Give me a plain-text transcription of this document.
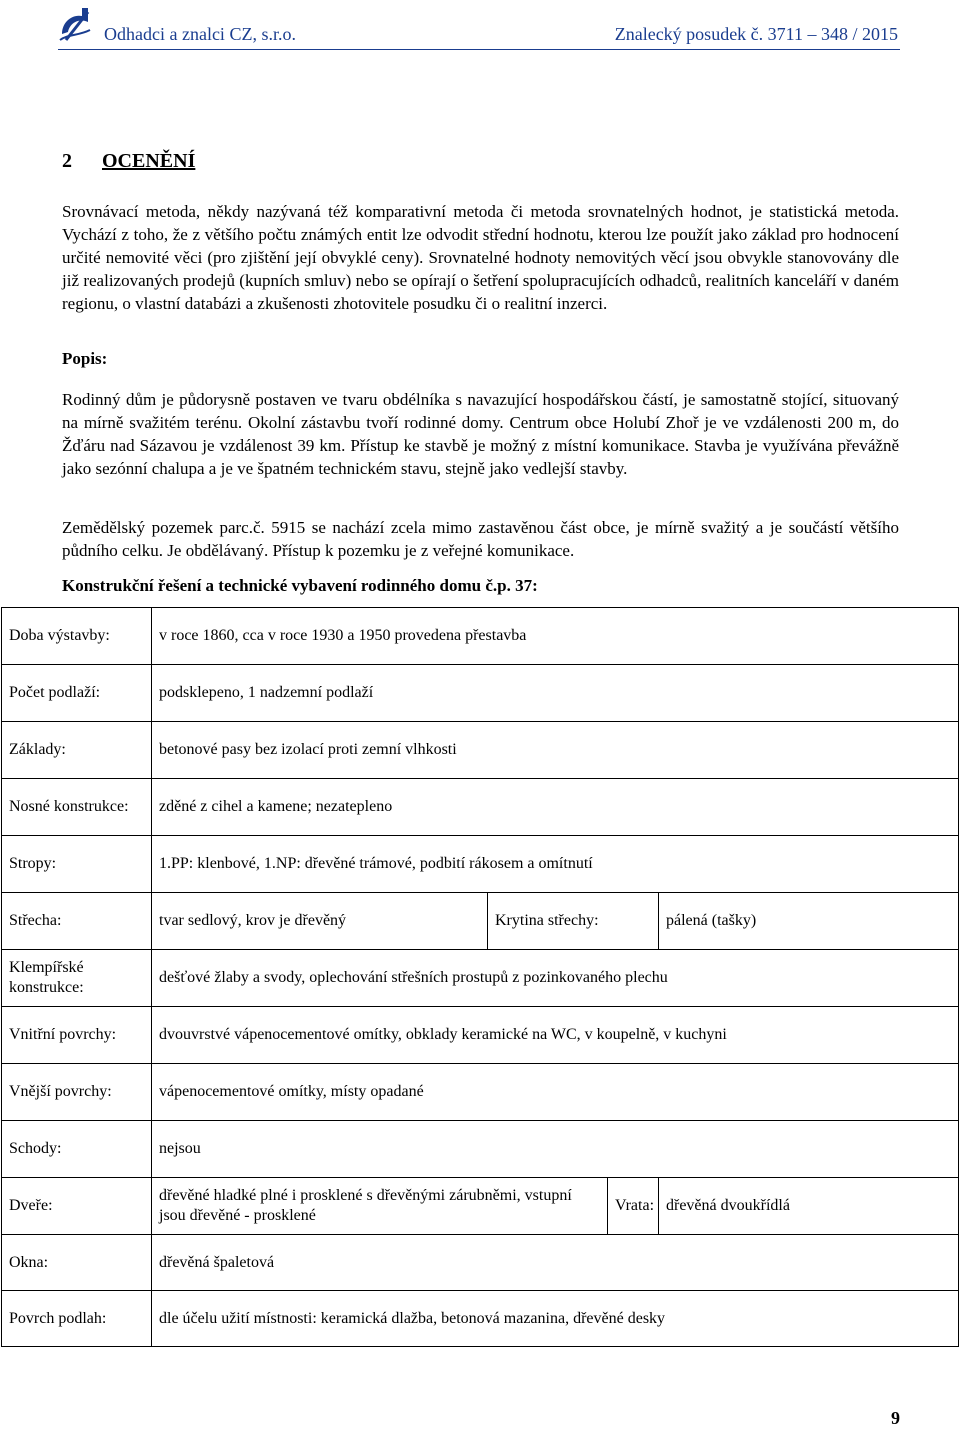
Odhadci a znalci CZ, s.r.o.	Znalecký posudek č. 3711 – 348 / 2015
2 OCENĚNÍ
Srovnávací metoda, někdy nazývaná též komparativní metoda či metoda srovnatelných hodnot, je statistická metoda. Vychází z toho, že z většího počtu známých entit lze odvodit střední hodnotu, kterou lze použít jako základ pro hodnocení určité nemovité věci (pro zjištění její obvyklé ceny). Srovnatelné hodnoty nemovitých věcí jsou obvykle stanovovány dle již realizovaných prodejů (kupních smluv) nebo se opírají o šetření spolupracujících odhadců, realitních kanceláří v daném regionu, o vlastní databázi a zkušenosti zhotovitele posudku či o realitní inzerci.
Popis:
Rodinný dům je půdorysně postaven ve tvaru obdélníka s navazující hospodářskou částí, je samostatně stojící, situovaný na mírně svažitém terénu. Okolní zástavbu tvoří rodinné domy. Centrum obce Holubí Zhoř je ve vzdálenosti 200 m, do Žďáru nad Sázavou je vzdálenost 39 km. Přístup ke stavbě je možný z místní komunikace. Stavba je využívána převážně jako sezónní chalupa a je ve špatném technickém stavu, stejně jako vedlejší stavby.
Zemědělský pozemek parc.č. 5915 se nachází zcela mimo zastavěnou část obce, je mírně svažitý a je součástí většího půdního celku. Je obdělávaný. Přístup k pozemku je z veřejné komunikace.
Konstrukční řešení a technické vybavení rodinného domu č.p. 37:
Doba výstavby:	v roce 1860, cca v roce 1930 a 1950 provedena přestavba			
Počet podlaží:	podsklepeno, 1 nadzemní podlaží			
Základy:	betonové pasy bez izolací proti zemní vlhkosti			
Nosné konstrukce:	zděné z cihel a kamene; nezatepleno			
Stropy:	1.PP: klenbové, 1.NP: dřevěné trámové, podbití rákosem a omítnutí			
Střecha:	tvar sedlový, krov je dřevěný	Krytina střechy:		pálená (tašky)
Klempířské konstrukce:	dešťové žlaby a svody, oplechování střešních prostupů z pozinkovaného plechu			
Vnitřní povrchy:	dvouvrstvé vápenocementové omítky, obklady keramické na WC, v koupelně, v kuchyni			
Vnější povrchy:	vápenocementové omítky, místy opadané			
Schody:	nejsou			
Dveře:	dřevěné hladké plné i prosklené s dřevěnými zárubněmi, vstupní jsou dřevěné - prosklené		Vrata:	dřevěná dvoukřídlá
Okna:	dřevěná špaletová			
Povrch podlah:	dle účelu užití místnosti: keramická dlažba, betonová mazanina, dřevěné desky			
9
